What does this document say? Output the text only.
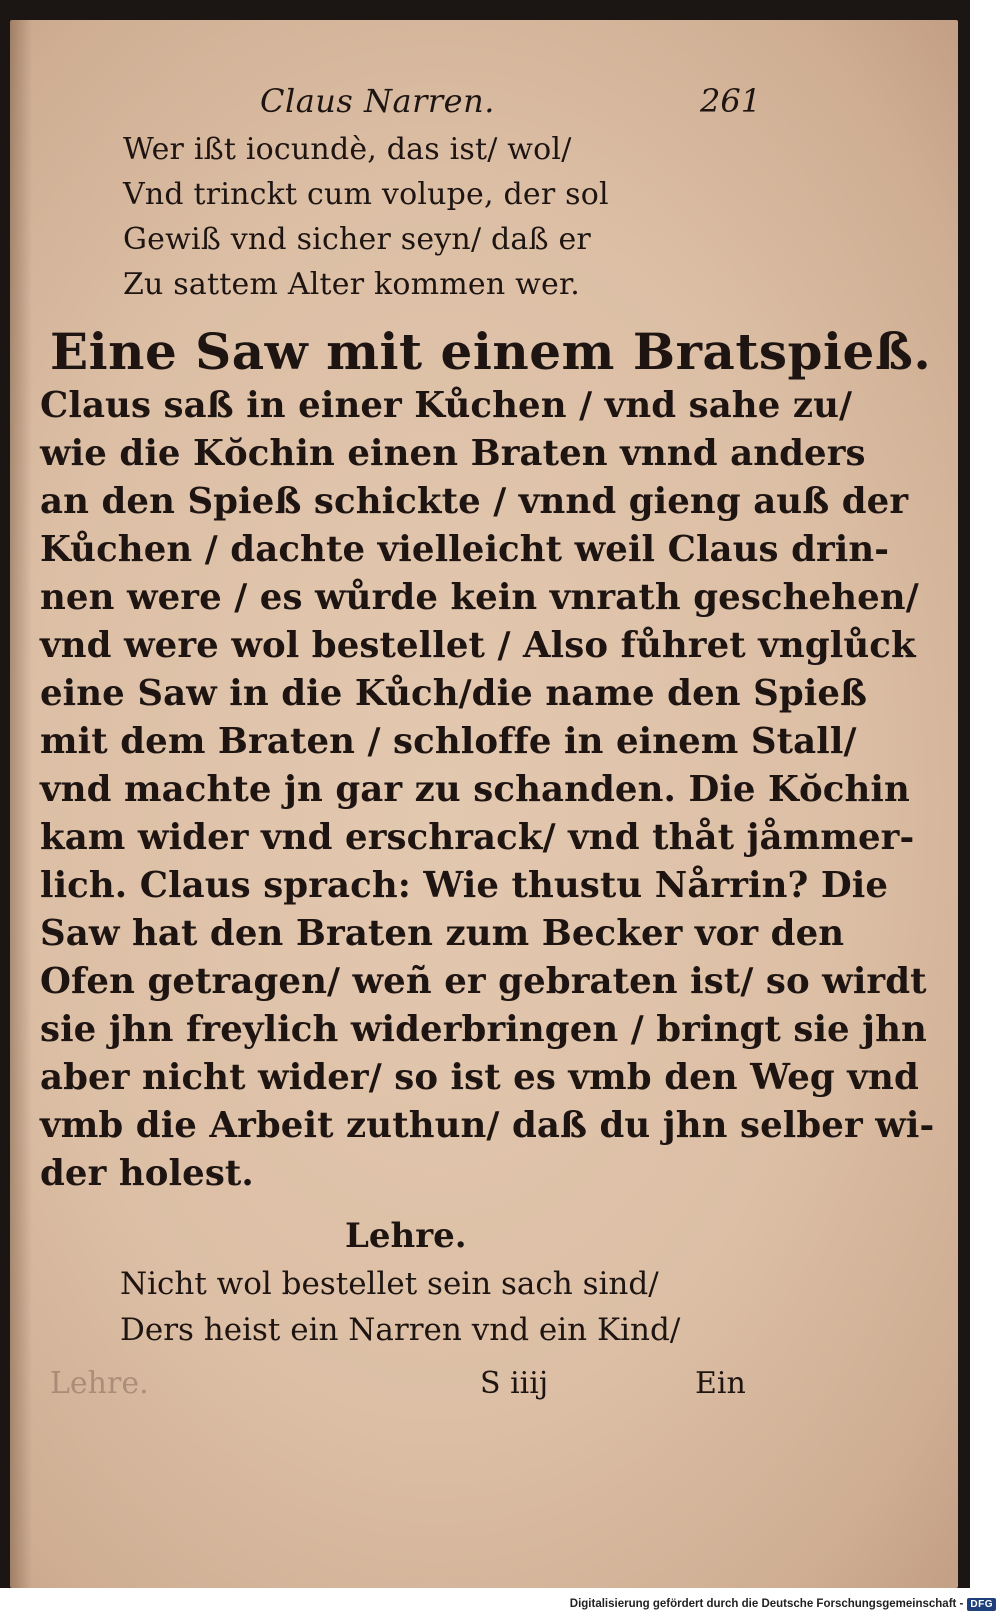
Claus Narren.	261
Wer ißt iocundè, das ist/ wol/
Vnd trinckt cum volupe, der sol
Gewiß vnd sicher seyn/ daß er
Zu sattem Alter kommen wer.
Eine Saw mit einem Bratspieß.
Claus saß in einer Kůchen / vnd sahe zu/
wie die Kŏchin einen Braten vnnd anders
an den Spieß schickte / vnnd gieng auß der
Kůchen / dachte vielleicht weil Claus drin-
nen were / es wůrde kein vnrath geschehen/
vnd were wol bestellet / Also fůhret vnglůck
eine Saw in die Kůch/die name den Spieß
mit dem Braten / schloffe in einem Stall/
vnd machte jn gar zu schanden. Die Kŏchin
kam wider vnd erschrack/ vnd thåt jåmmer-
lich. Claus sprach: Wie thustu Nårrin? Die
Saw hat den Braten zum Becker vor den
Ofen getragen/ weñ er gebraten ist/ so wirdt
sie jhn freylich widerbringen / bringt sie jhn
aber nicht wider/ so ist es vmb den Weg vnd
vmb die Arbeit zuthun/ daß du jhn selber wi-
der holest.
Lehre.
Nicht wol bestellet sein sach sind/
Ders heist ein Narren vnd ein Kind/
Lehre.	S iiij	Ein
Digitalisierung gefördert durch die Deutsche Forschungsgemeinschaft - DFG
